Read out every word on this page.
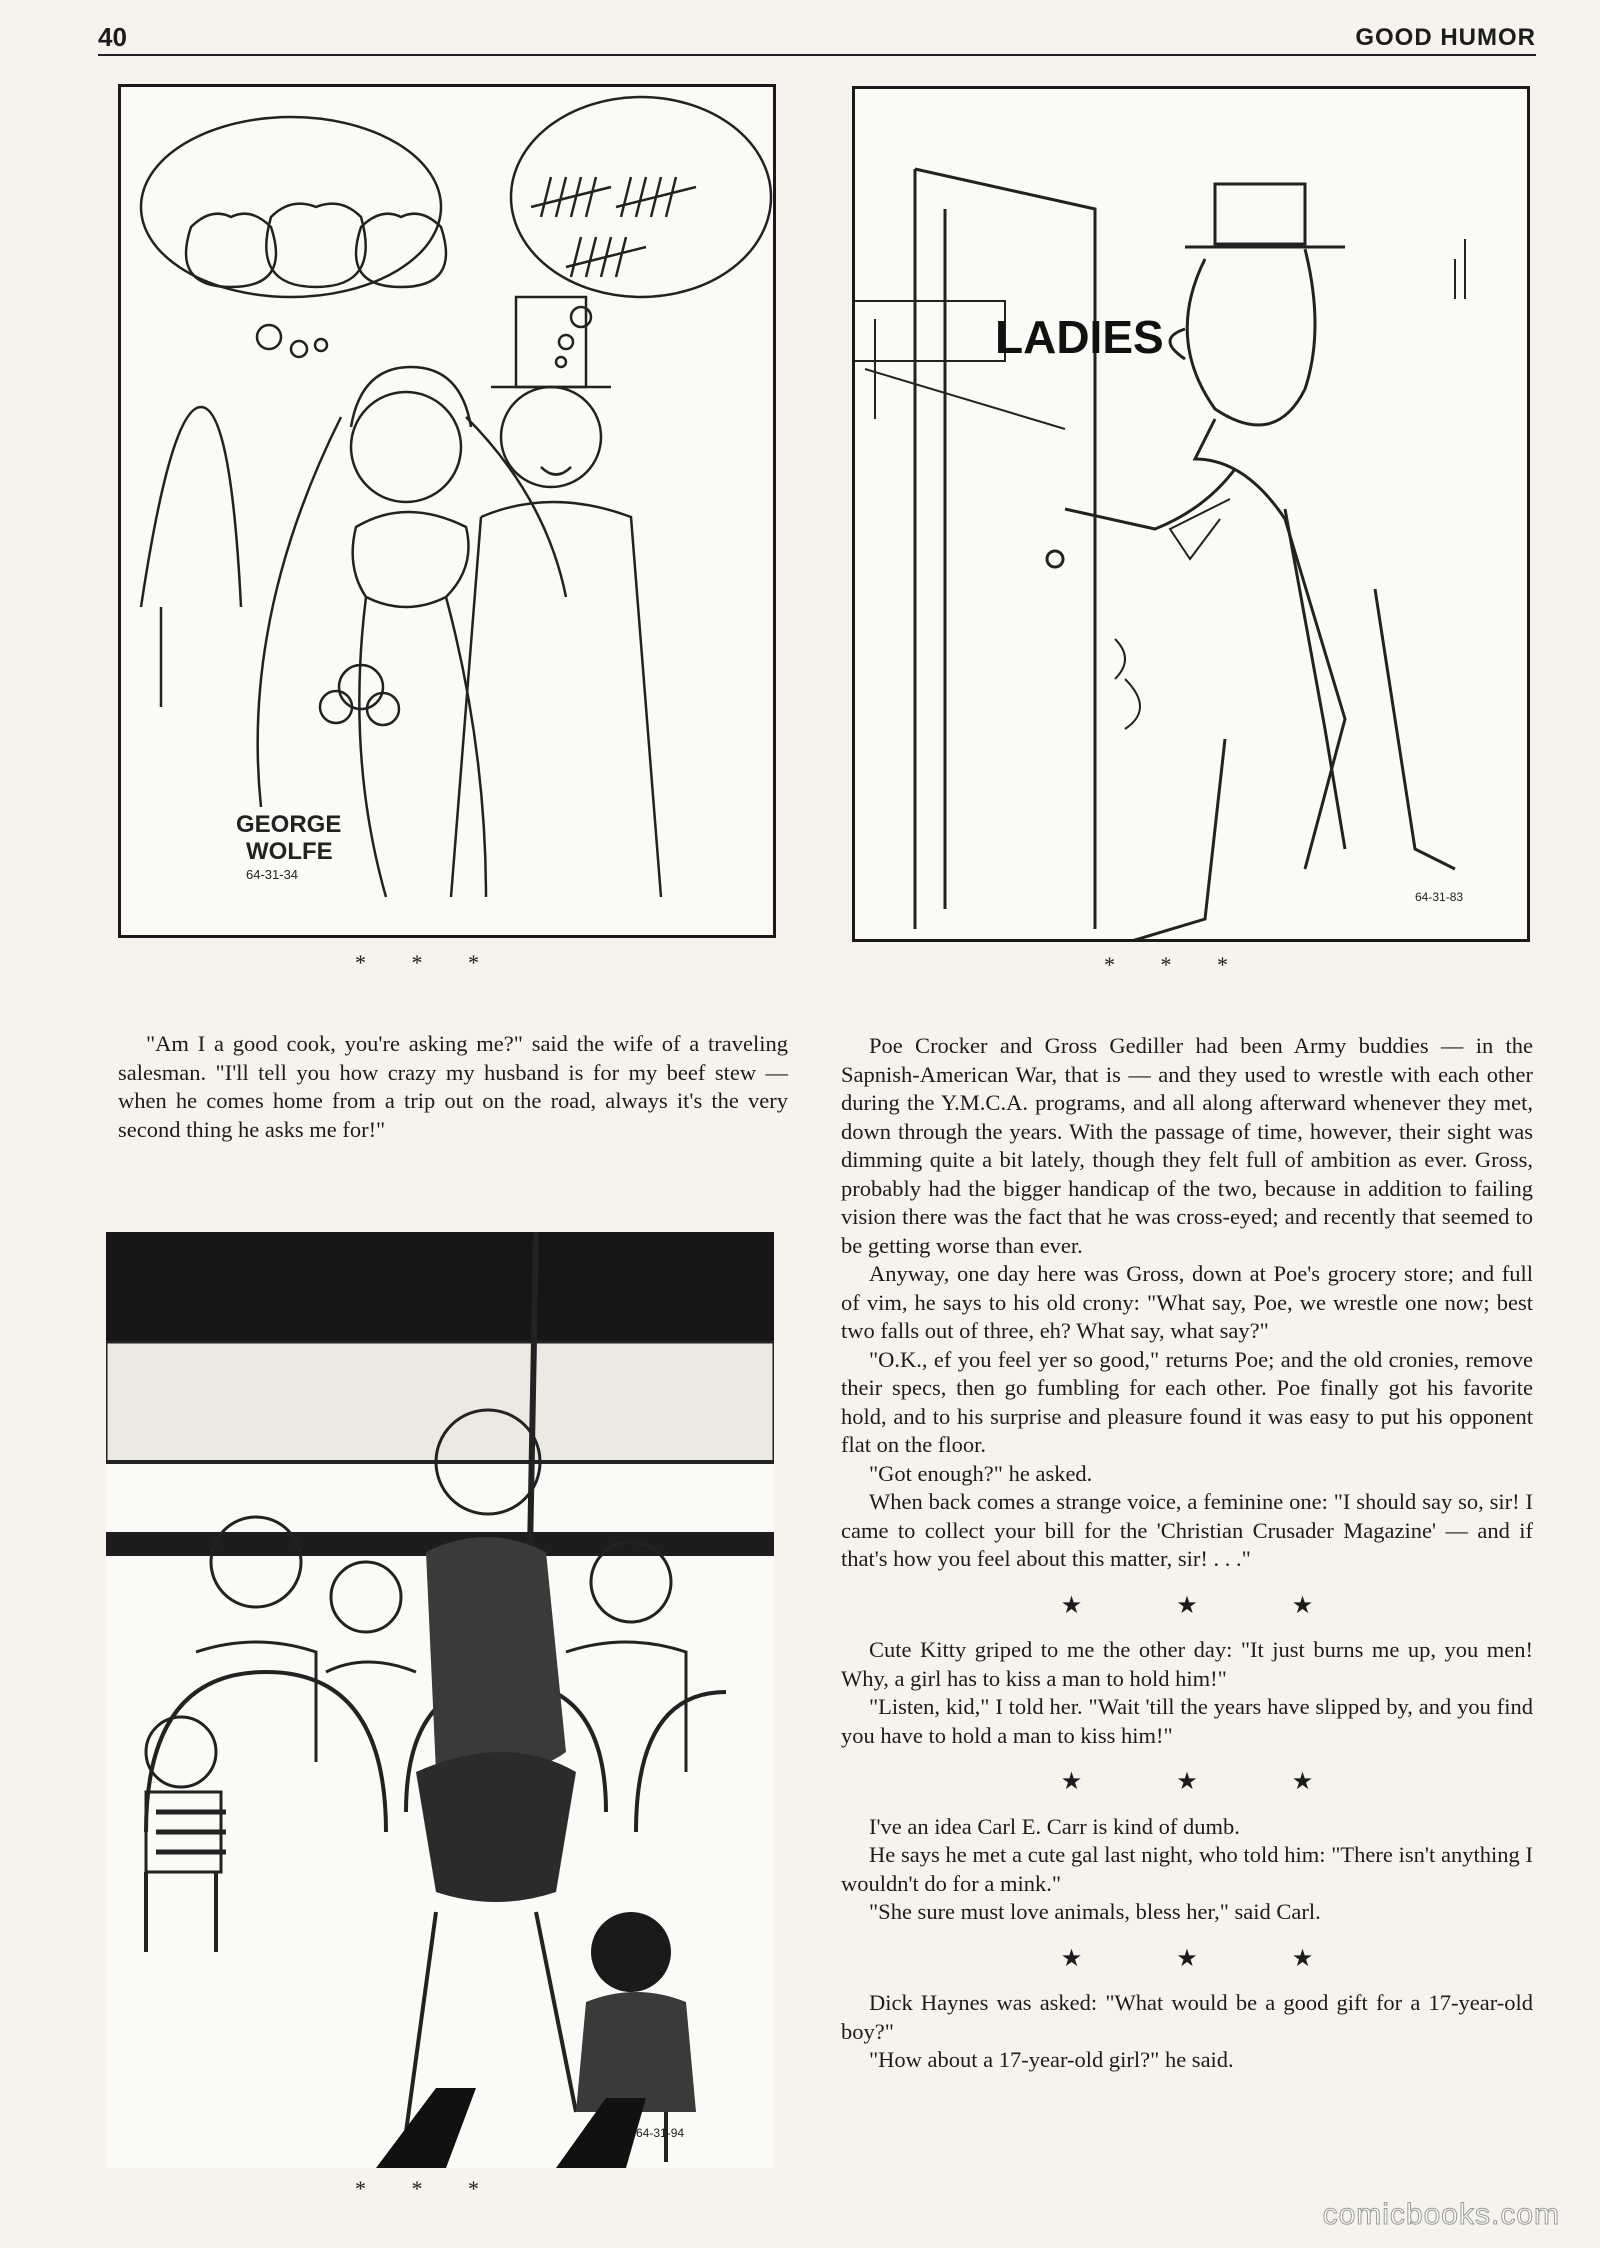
40	GOOD HUMOR
GEORGE
WOLFE
64-31-34
LADIES
64-31-83
* * *	* * *

"Am I a good cook, you're asking me?" said the wife of a traveling salesman. "I'll tell you how crazy my husband is for my beef stew — when he comes home from a trip out on the road, always it's the very second thing he asks me for!"

64-31-94
* * *

Poe Crocker and Gross Gediller had been Army buddies — in the Sapnish-American War, that is — and they used to wrestle with each other during the Y.M.C.A. programs, and all along afterward whenever they met, down through the years. With the passage of time, however, their sight was dimming quite a bit lately, though they felt full of ambition as ever. Gross, probably had the bigger handicap of the two, because in addition to failing vision there was the fact that he was cross-eyed; and recently that seemed to be getting worse than ever.

Anyway, one day here was Gross, down at Poe's grocery store; and full of vim, he says to his old crony: "What say, Poe, we wrestle one now; best two falls out of three, eh? What say, what say?"

"O.K., ef you feel yer so good," returns Poe; and the old cronies, remove their specs, then go fumbling for each other. Poe finally got his favorite hold, and to his surprise and pleasure found it was easy to put his opponent flat on the floor.

"Got enough?" he asked.

When back comes a strange voice, a feminine one: "I should say so, sir! I came to collect your bill for the 'Christian Crusader Magazine' — and if that's how you feel about this matter, sir! . . ."

★ ★ ★

Cute Kitty griped to me the other day: "It just burns me up, you men! Why, a girl has to kiss a man to hold him!"

"Listen, kid," I told her. "Wait 'till the years have slipped by, and you find you have to hold a man to kiss him!"

★ ★ ★

I've an idea Carl E. Carr is kind of dumb.

He says he met a cute gal last night, who told him: "There isn't anything I wouldn't do for a mink."

"She sure must love animals, bless her," said Carl.

★ ★ ★

Dick Haynes was asked: "What would be a good gift for a 17-year-old boy?"

"How about a 17-year-old girl?" he said.

comicbooks.com
